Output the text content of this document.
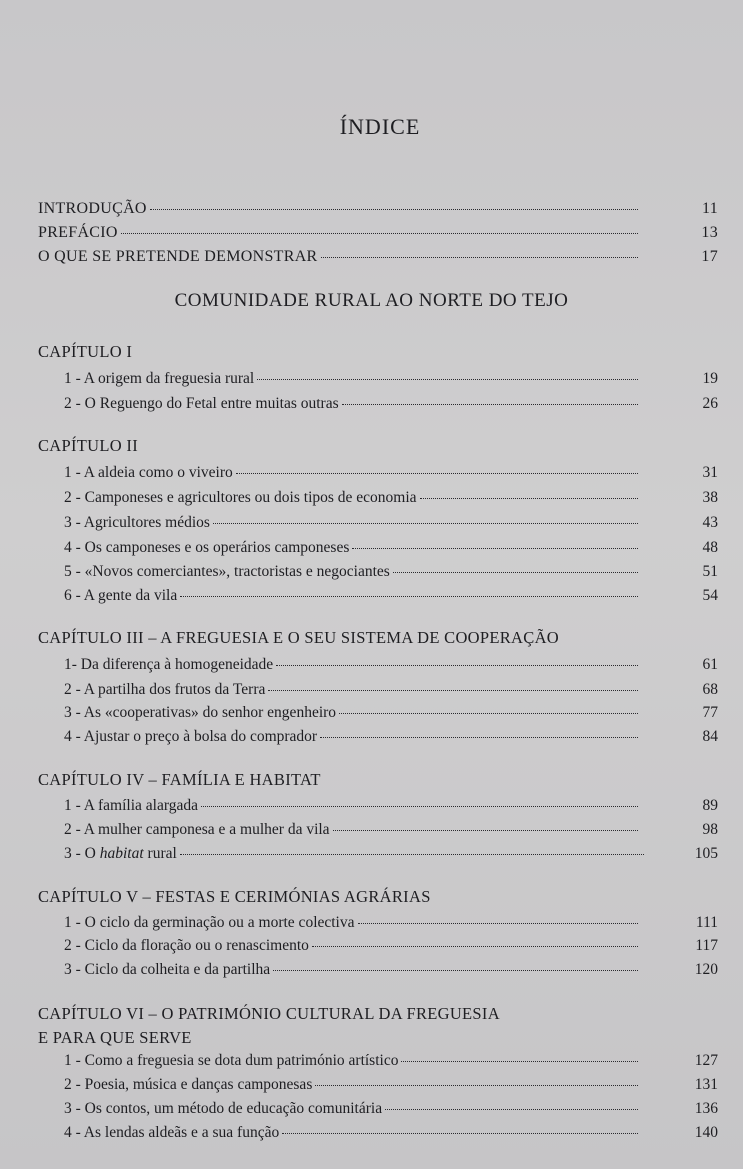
ÍNDICE
INTRODUÇÃO	11
PREFÁCIO	13
O QUE SE PRETENDE DEMONSTRAR	17
COMUNIDADE RURAL AO NORTE DO TEJO
CAPÍTULO I
1 - A origem da freguesia rural	19
2 - O Reguengo do Fetal entre muitas outras	26
CAPÍTULO II
1 - A aldeia como o viveiro	31
2 - Camponeses e agricultores ou dois tipos de economia	38
3 - Agricultores médios	43
4 - Os camponeses e os operários camponeses	48
5 - «Novos comerciantes», tractoristas e negociantes	51
6 - A gente da vila	54
CAPÍTULO III – A FREGUESIA E O SEU SISTEMA DE COOPERAÇÃO
1- Da diferença à homogeneidade	61
2 - A partilha dos frutos da Terra	68
3 - As «cooperativas» do senhor engenheiro	77
4 - Ajustar o preço à bolsa do comprador	84
CAPÍTULO IV – FAMÍLIA E HABITAT
1 - A família alargada	89
2 - A mulher camponesa e a mulher da vila	98
3 - O habitat rural	105
CAPÍTULO V – FESTAS E CERIMÓNIAS AGRÁRIAS
1 - O ciclo da germinação ou a morte colectiva	111
2 - Ciclo da floração ou o renascimento	117
3 - Ciclo da colheita e da partilha	120
CAPÍTULO VI – O PATRIMÓNIO CULTURAL DA FREGUESIA
E PARA QUE SERVE
1 - Como a freguesia se dota dum património artístico	127
2 - Poesia, música e danças camponesas	131
3 - Os contos, um método de educação comunitária	136
4 - As lendas aldeãs e a sua função	140
